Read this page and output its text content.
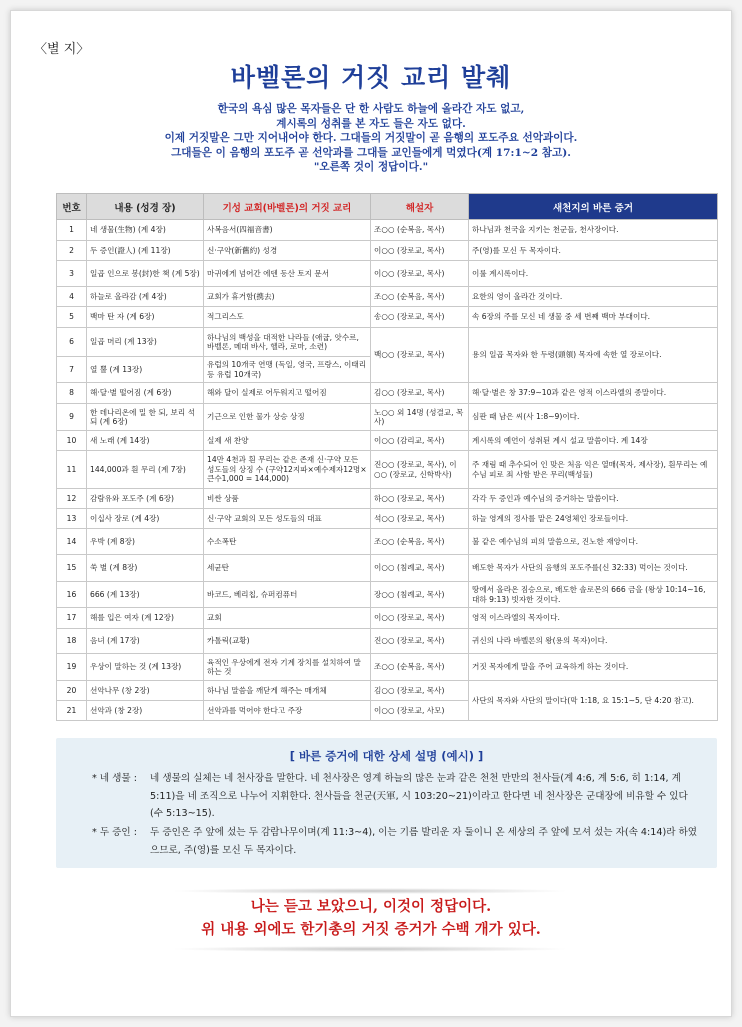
〈별 지〉
바벨론의 거짓 교리 발췌
한국의 욕심 많은 목자들은 단 한 사람도 하늘에 올라간 자도 없고,
계시록의 성취를 본 자도 들은 자도 없다.
이제 거짓말은 그만 지어내어야 한다. 그대들의 거짓말이 곧 음행의 포도주요 선악과이다.
그대들은 이 음행의 포도주 곧 선악과를 그대들 교인들에게 먹였다(계 17:1~2 참고).
"오른쪽 것이 정답이다."
번호	내용 (성경 장)	기성 교회(바벨론)의 거짓 교리	해설자	새천지의 바른 증거
1	네 생물(生物) (계 4장)	사복음서(四福音書)	조○○ (순복음, 목사)	하나님과 천국을 지키는 천군들, 천사장이다.
2	두 증인(證人) (계 11장)	신·구약(新舊約) 성경	이○○ (장로교, 목사)	주(영)를 모신 두 목자이다.
3	일곱 인으로 봉(封)한 책 (계 5장)	마귀에게 넘어간 에덴 동산 토지 문서	이○○ (장로교, 목사)	이룰 계시록이다.
4	하늘로 올라감 (계 4장)	교회가 휴거함(携去)	조○○ (순복음, 목사)	요한의 영이 올라간 것이다.
5	백마 탄 자 (계 6장)	적그리스도	송○○ (장로교, 목사)	속 6장의 주를 모신 네 생물 중 세 번째 백마 부대이다.
6	일곱 머리 (계 13장)	하나님의 백성을 대적한 나라들 (애굽, 앗수르, 바벨론, 메대 바사, 헬라, 로마, 소련)	백○○ (장로교, 목사)	용의 일곱 목자와 한 두령(頭領) 목자에 속한 열 장로이다.
7	열 뿔 (계 13장)	유럽의 10개국 연맹 (독일, 영국, 프랑스, 이태리 등 유럽 10개국)		
8	해·달·별 떨어짐 (계 6장)	해와 달이 실제로 어두워지고 떨어짐	김○○ (장로교, 목사)	해·달·별은 창 37:9~10과 같은 영적 이스라엘의 종말이다.
9	한 데나리온에 밀 한 되, 보리 석 되 (계 6장)	기근으로 인한 물가 상승 상징	노○○ 외 14명 (성결교, 목사)	심판 때 남은 씨(사 1:8~9)이다.
10	새 노래 (계 14장)	실제 새 찬양	이○○ (감리교, 목사)	계시록의 예언이 성취된 계시 설교 말씀이다. 계 14장
11	144,000과 흰 무리 (계 7장)	14만 4천과 흰 무리는 같은 존재 신·구약 모든 성도들의 상징 수 (구약12지파×예수제자12명×큰수1,000 = 144,000)	진○○ (장로교, 목사), 이○○ (장로교, 신학박사)	주 재림 때 추수되어 인 맞은 처음 익은 열매(목자, 제사장), 흰무리는 예수님 피로 죄 사함 받은 무리(백성들)
12	감람유와 포도주 (계 6장)	비싼 상품	하○○ (장로교, 목사)	각각 두 증인과 예수님의 증거하는 말씀이다.
13	이십사 장로 (계 4장)	신·구약 교회의 모든 성도들의 대표	석○○ (장로교, 목사)	하늘 영계의 정사를 맡은 24영체인 장로들이다.
14	우박 (계 8장)	수소폭탄	조○○ (순복음, 목사)	불 같은 예수님의 피의 말씀으로, 진노한 재앙이다.
15	쑥 별 (계 8장)	세균탄	이○○ (침례교, 목사)	배도한 목자가 사단의 음행의 포도주를(신 32:33) 먹이는 것이다.
16	666 (계 13장)	바코드, 베리칩, 슈퍼컴퓨터	장○○ (침례교, 목사)	땅에서 올라온 짐승으로, 배도한 솔로몬의 666 금을 (왕상 10:14~16, 대하 9:13) 빗자한 것이다.
17	해를 입은 여자 (계 12장)	교회	이○○ (장로교, 목사)	영적 이스라엘의 목자이다.
18	음녀 (계 17장)	카톨릭(교황)	진○○ (장로교, 목사)	귀신의 나라 바벨론의 왕(용의 목자)이다.
19	우상이 말하는 것 (계 13장)	육적인 우상에게 전자 기계 장치를 설치하여 말하는 것	조○○ (순복음, 목사)	거짓 목자에게 말을 주어 교육하게 하는 것이다.
20	선악나무 (창 2장)	하나님 말씀을 깨닫게 해주는 매개체	김○○ (장로교, 목사)	사단의 목자와 사단의 말이다(막 1:18, 요 15:1~5, 단 4:20 참고).
21	선악과 (창 2장)	선악과를 먹어야 한다고 주장	이○○ (장로교, 사모)	
[ 바른 증거에 대한 상세 설명 (예시) ]
* 네 생물 :	네 생물의 실체는 네 천사장을 말한다. 네 천사장은 영계 하늘의 많은 눈과 같은 천천 만만의 천사들(계 4:6, 계 5:6, 히 1:14, 계 5:11)을 네 조직으로 나누어 지휘한다. 천사들을 천군(天軍, 시 103:20~21)이라고 한다면 네 천사장은 군대장에 비유할 수 있다(수 5:13~15).
* 두 증인 :	두 증인은 주 앞에 섰는 두 감람나무이며(계 11:3~4), 이는 기름 발리운 자 둘이니 온 세상의 주 앞에 모셔 섰는 자(속 4:14)라 하였으므로, 주(영)를 모신 두 목자이다.
나는 듣고 보았으니, 이것이 정답이다.
위 내용 외에도 한기총의 거짓 증거가 수백 개가 있다.
